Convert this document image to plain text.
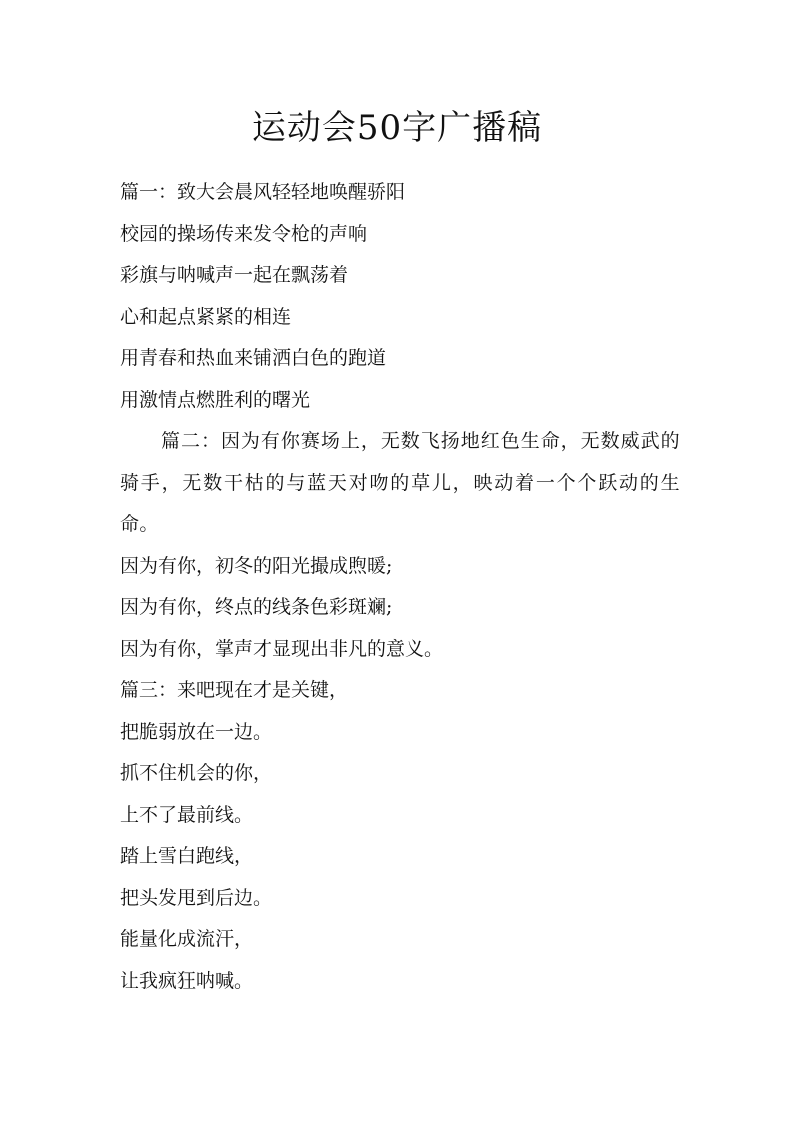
运动会50字广播稿

篇一：致大会晨风轻轻地唤醒骄阳

校园的操场传来发令枪的声响

彩旗与呐喊声一起在飘荡着

心和起点紧紧的相连

用青春和热血来铺洒白色的跑道

用激情点燃胜利的曙光

篇二：因为有你赛场上，无数飞扬地红色生命，无数威武的骑手，无数干枯的与蓝天对吻的草儿，映动着一个个跃动的生命。

因为有你，初冬的阳光撮成煦暖;

因为有你，终点的线条色彩斑斓;

因为有你，掌声才显现出非凡的意义。

篇三：来吧现在才是关键，

把脆弱放在一边。

抓不住机会的你，

上不了最前线。

踏上雪白跑线，

把头发甩到后边。

能量化成流汗，

让我疯狂呐喊。
